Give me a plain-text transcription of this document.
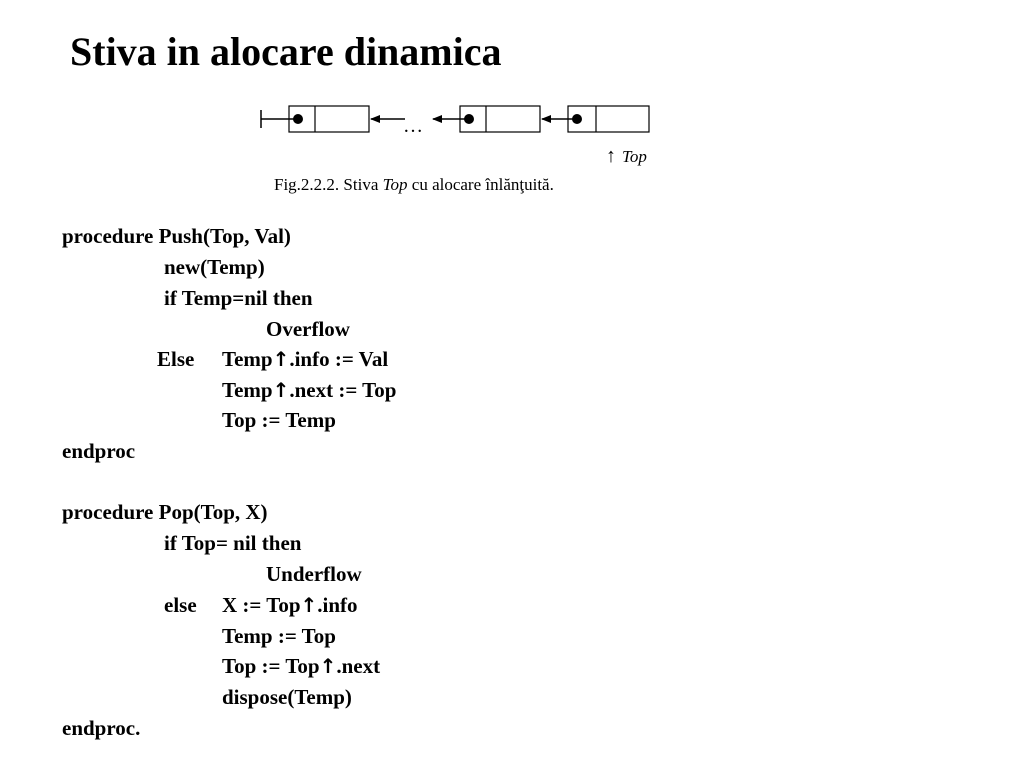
Stiva in alocare dinamica
…
↑ Top
Fig.2.2.2. Stiva Top cu alocare înlănţuită.
procedure Push(Top, Val)
new(Temp)
if Temp=nil then
Overflow
Else Temp↑.info := Val
Temp↑.next := Top
Top := Temp
endproc
procedure Pop(Top, X)
if Top= nil then
Underflow
else X := Top↑.info
Temp := Top
Top := Top↑.next
dispose(Temp)
endproc.
